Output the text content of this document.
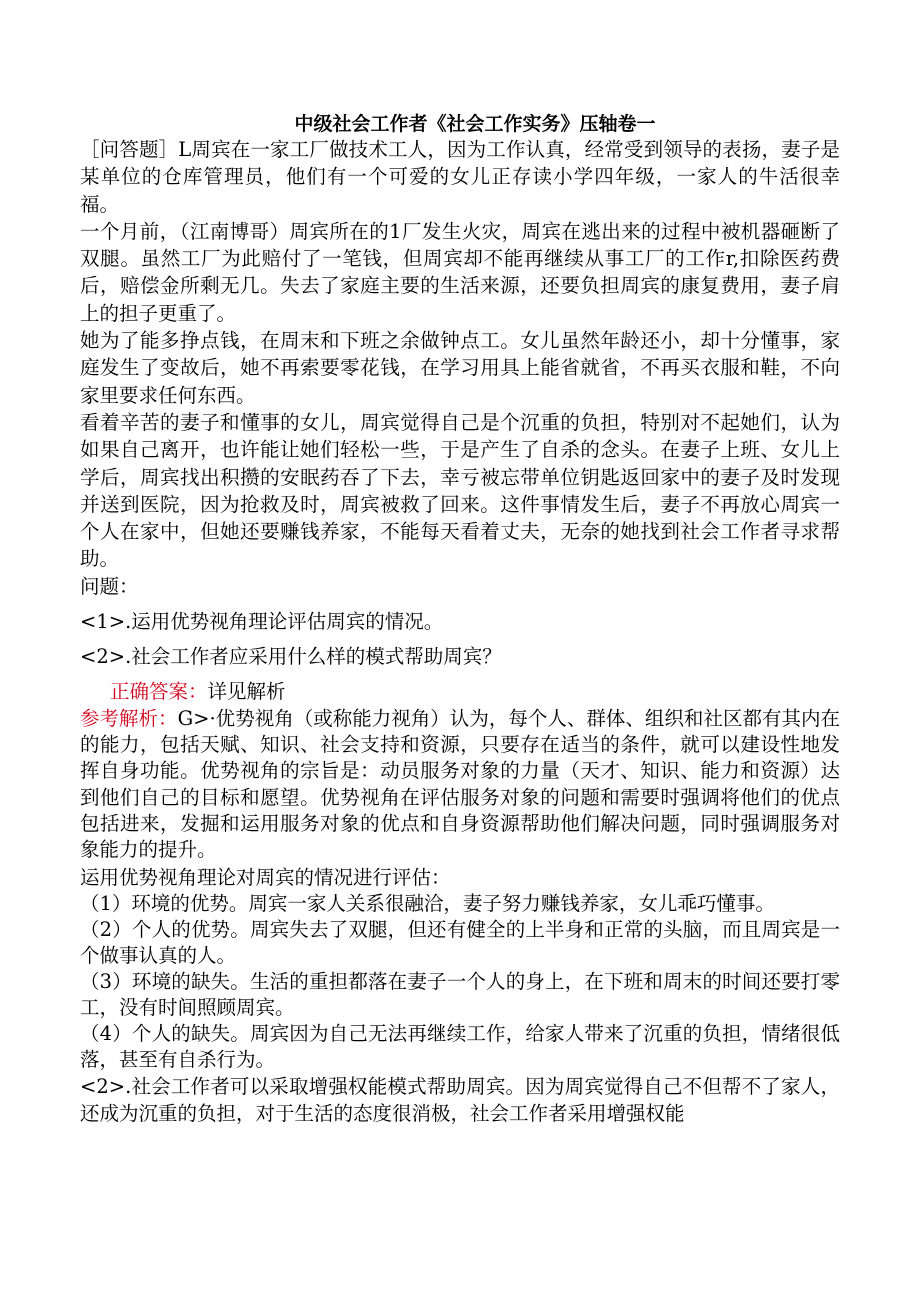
中级社会工作者《社会工作实务》压轴卷一

［问答题］L周宾在一家工厂做技术工人，因为工作认真，经常受到领导的表扬，妻子是某单位的仓库管理员，他们有一个可爱的女儿正存读小学四年级，一家人的牛活很幸福。

一个月前，（江南博哥）周宾所在的1厂发生火灾，周宾在逃出来的过程中被机器砸断了双腿。虽然工厂为此赔付了一笔钱，但周宾却不能再继续从事工厂的工作r,扣除医药费后，赔偿金所剩无几。失去了家庭主要的生活来源，还要负担周宾的康复费用，妻子肩上的担子更重了。

她为了能多挣点钱，在周末和下班之余做钟点工。女儿虽然年龄还小，却十分懂事，家庭发生了变故后，她不再索要零花钱，在学习用具上能省就省，不再买衣服和鞋，不向家里要求任何东西。

看着辛苦的妻子和懂事的女儿，周宾觉得自己是个沉重的负担，特别对不起她们，认为如果自己离开，也许能让她们轻松一些，于是产生了自杀的念头。在妻子上班、女儿上学后，周宾找出积攒的安眠药吞了下去，幸亏被忘带单位钥匙返回家中的妻子及时发现并送到医院，因为抢救及时，周宾被救了回来。这件事情发生后，妻子不再放心周宾一个人在家中，但她还要赚钱养家，不能每天看着丈夫，无奈的她找到社会工作者寻求帮助。

问题：

<1>.运用优势视角理论评估周宾的情况。

<2>.社会工作者应采用什么样的模式帮助周宾？

正确答案：详见解析

参考解析：G>·优势视角（或称能力视角）认为，每个人、群体、组织和社区都有其内在的能力，包括天赋、知识、社会支持和资源，只要存在适当的条件，就可以建设性地发挥自身功能。优势视角的宗旨是：动员服务对象的力量（天才、知识、能力和资源）达到他们自己的目标和愿望。优势视角在评估服务对象的问题和需要时强调将他们的优点包括进来，发掘和运用服务对象的优点和自身资源帮助他们解决问题，同时强调服务对象能力的提升。

运用优势视角理论对周宾的情况进行评估：

（1）环境的优势。周宾一家人关系很融洽，妻子努力赚钱养家，女儿乖巧懂事。

（2）个人的优势。周宾失去了双腿，但还有健全的上半身和正常的头脑，而且周宾是一个做事认真的人。

（3）环境的缺失。生活的重担都落在妻子一个人的身上，在下班和周末的时间还要打零工，没有时间照顾周宾。

（4）个人的缺失。周宾因为自己无法再继续工作，给家人带来了沉重的负担，情绪很低落，甚至有自杀行为。

<2>.社会工作者可以采取增强权能模式帮助周宾。因为周宾觉得自己不但帮不了家人，还成为沉重的负担，对于生活的态度很消极，社会工作者采用增强权能
